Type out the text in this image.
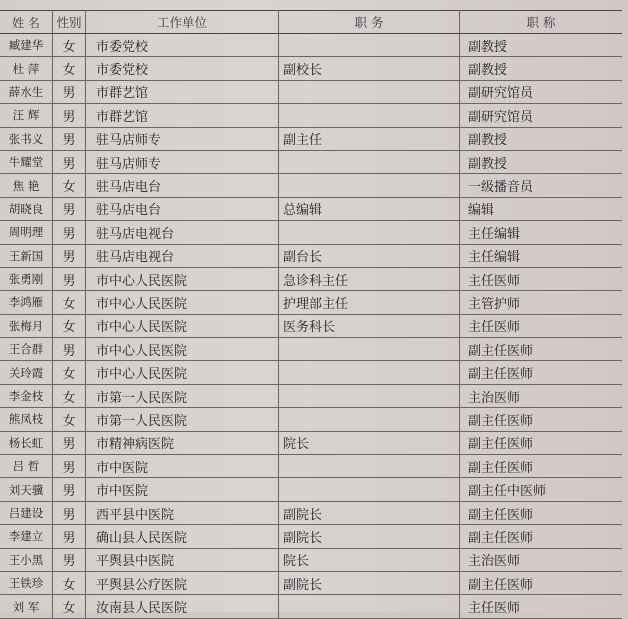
姓 名	性别	工作单位	职 务	职 称
臧建华	女	市委党校		副教授
杜 萍	女	市委党校	副校长	副教授
薛水生	男	市群艺馆		副研究馆员
汪 辉	男	市群艺馆		副研究馆员
张书义	男	驻马店师专	副主任	副教授
牛耀堂	男	驻马店师专		副教授
焦 艳	女	驻马店电台		一级播音员
胡晓良	男	驻马店电台	总编辑	编辑
周明理	男	驻马店电视台		主任编辑
王新国	男	驻马店电视台	副台长	主任编辑
张勇刚	男	市中心人民医院	急诊科主任	主任医师
李鸿雁	女	市中心人民医院	护理部主任	主管护师
张梅月	女	市中心人民医院	医务科长	主任医师
王合群	男	市中心人民医院		副主任医师
关玲霞	女	市中心人民医院		副主任医师
李金枝	女	市第一人民医院		主治医师
熊凤枝	女	市第一人民医院		副主任医师
杨长虹	男	市精神病医院	院长	副主任医师
吕 哲	男	市中医院		副主任医师
刘天骥	男	市中医院		副主任中医师
吕建设	男	西平县中医院	副院长	副主任医师
李建立	男	确山县人民医院	副院长	副主任医师
王小黑	男	平舆县中医院	院长	主治医师
王铁珍	女	平舆县公疗医院	副院长	副主任医师
刘 军	女	汝南县人民医院		主任医师
